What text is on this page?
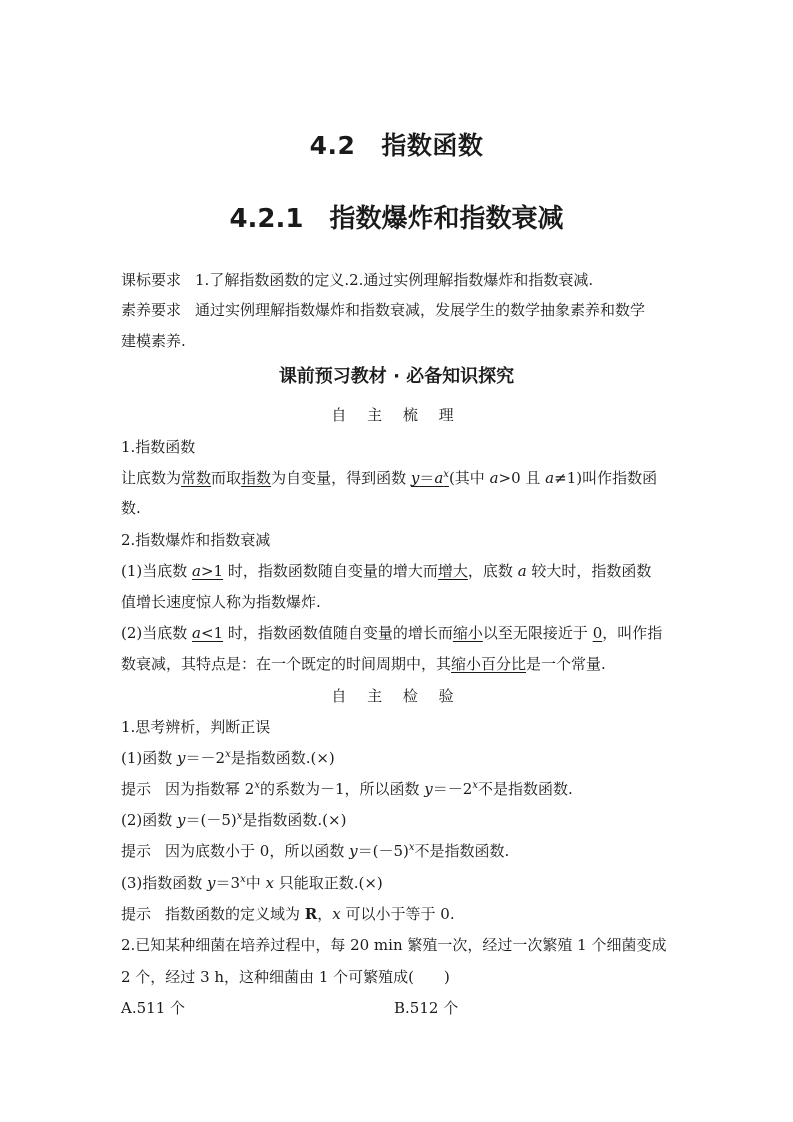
4.2 指数函数
4.2.1 指数爆炸和指数衰减
课标要求 1.了解指数函数的定义.2.通过实例理解指数爆炸和指数衰减.
素养要求 通过实例理解指数爆炸和指数衰减，发展学生的数学抽象素养和数学
建模素养.
课前预习教材 · 必备知识探究
自 主 梳 理
1.指数函数
让底数为常数而取指数为自变量，得到函数 $y=a^x$(其中 a>0 且 a≠1)叫作指数函
数.
2.指数爆炸和指数衰减
(1)当底数 a>1 时，指数函数随自变量的增大而增大，底数 a 较大时，指数函数
值增长速度惊人称为指数爆炸.
(2)当底数 a<1 时，指数函数值随自变量的增长而缩小以至无限接近于 0，叫作指
数衰减，其特点是：在一个既定的时间周期中，其缩小百分比是一个常量.
自 主 检 验
1.思考辨析，判断正误
(1)函数 $y=-2^x$是指数函数.(×)
提示 因为指数幂 2$^x$的系数为－1，所以函数 $y=-2^x$不是指数函数.
(2)函数 $y=(-5)^x$是指数函数.(×)
提示 因为底数小于 0，所以函数 $y=(-5)^x$不是指数函数.
(3)指数函数 $y=3^x$中 x 只能取正数.(×)
提示 指数函数的定义域为 R，x 可以小于等于 0.
2.已知某种细菌在培养过程中，每 20 min 繁殖一次，经过一次繁殖 1 个细菌变成
2 个，经过 3 h，这种细菌由 1 个可繁殖成(　　)
A.511 个	B.512 个
